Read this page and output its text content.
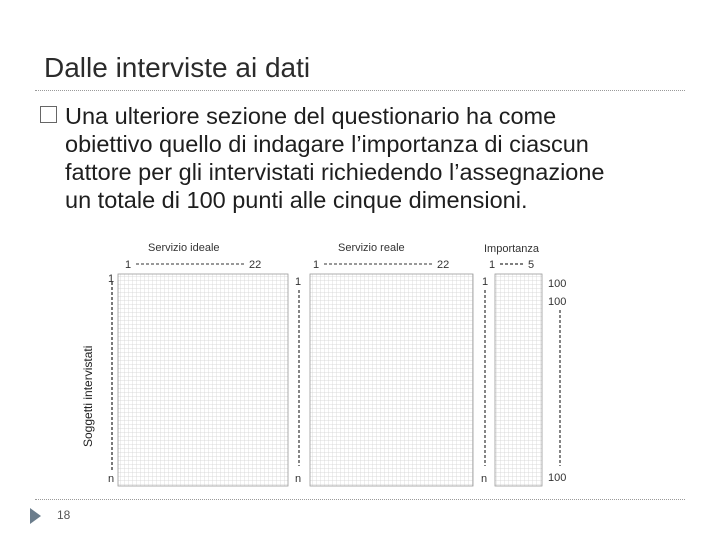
Dalle interviste ai dati
Una ulteriore sezione del questionario ha come
obiettivo quello di indagare l’importanza di ciascun
fattore per gli intervistati richiedendo l’assegnazione
un totale di 100 punti alle cinque dimensioni.
Soggetti intervistati
1
n
Servizio ideale
1	22
1
n
Servizio reale
1	22
1
n
Importanza
1	5
100
100
100
18
